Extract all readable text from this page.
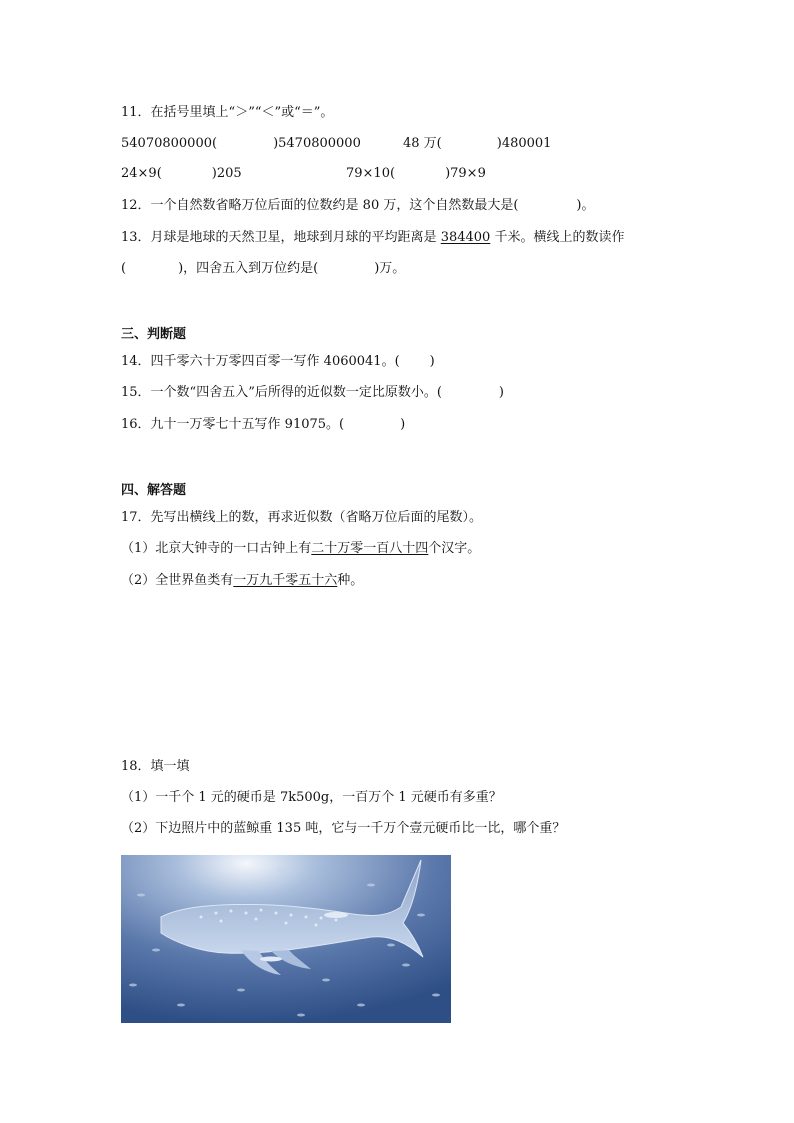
11．在括号里填上“＞”“＜”或“＝”。
54070800000(	)5470800000	48 万(	)480001
24×9(	)205	79×10(	)79×9
12．一个自然数省略万位后面的位数约是 80 万，这个自然数最大是(	)。
13．月球是地球的天然卫星，地球到月球的平均距离是 384400 千米。横线上的数读作
(	)，四舍五入到万位约是(	)万。
三、判断题
14．四千零六十万零四百零一写作 4060041。( )
15．一个数“四舍五入”后所得的近似数一定比原数小。(	)
16．九十一万零七十五写作 91075。(	)
四、解答题
17．先写出横线上的数，再求近似数（省略万位后面的尾数）。
（1）北京大钟寺的一口古钟上有二十万零一百八十四个汉字。
（2）全世界鱼类有一万九千零五十六种。
18．填一填
（1）一千个 1 元的硬币是 7k500g，一百万个 1 元硬币有多重？
（2）下边照片中的蓝鲸重 135 吨，它与一千万个壹元硬币比一比，哪个重？
